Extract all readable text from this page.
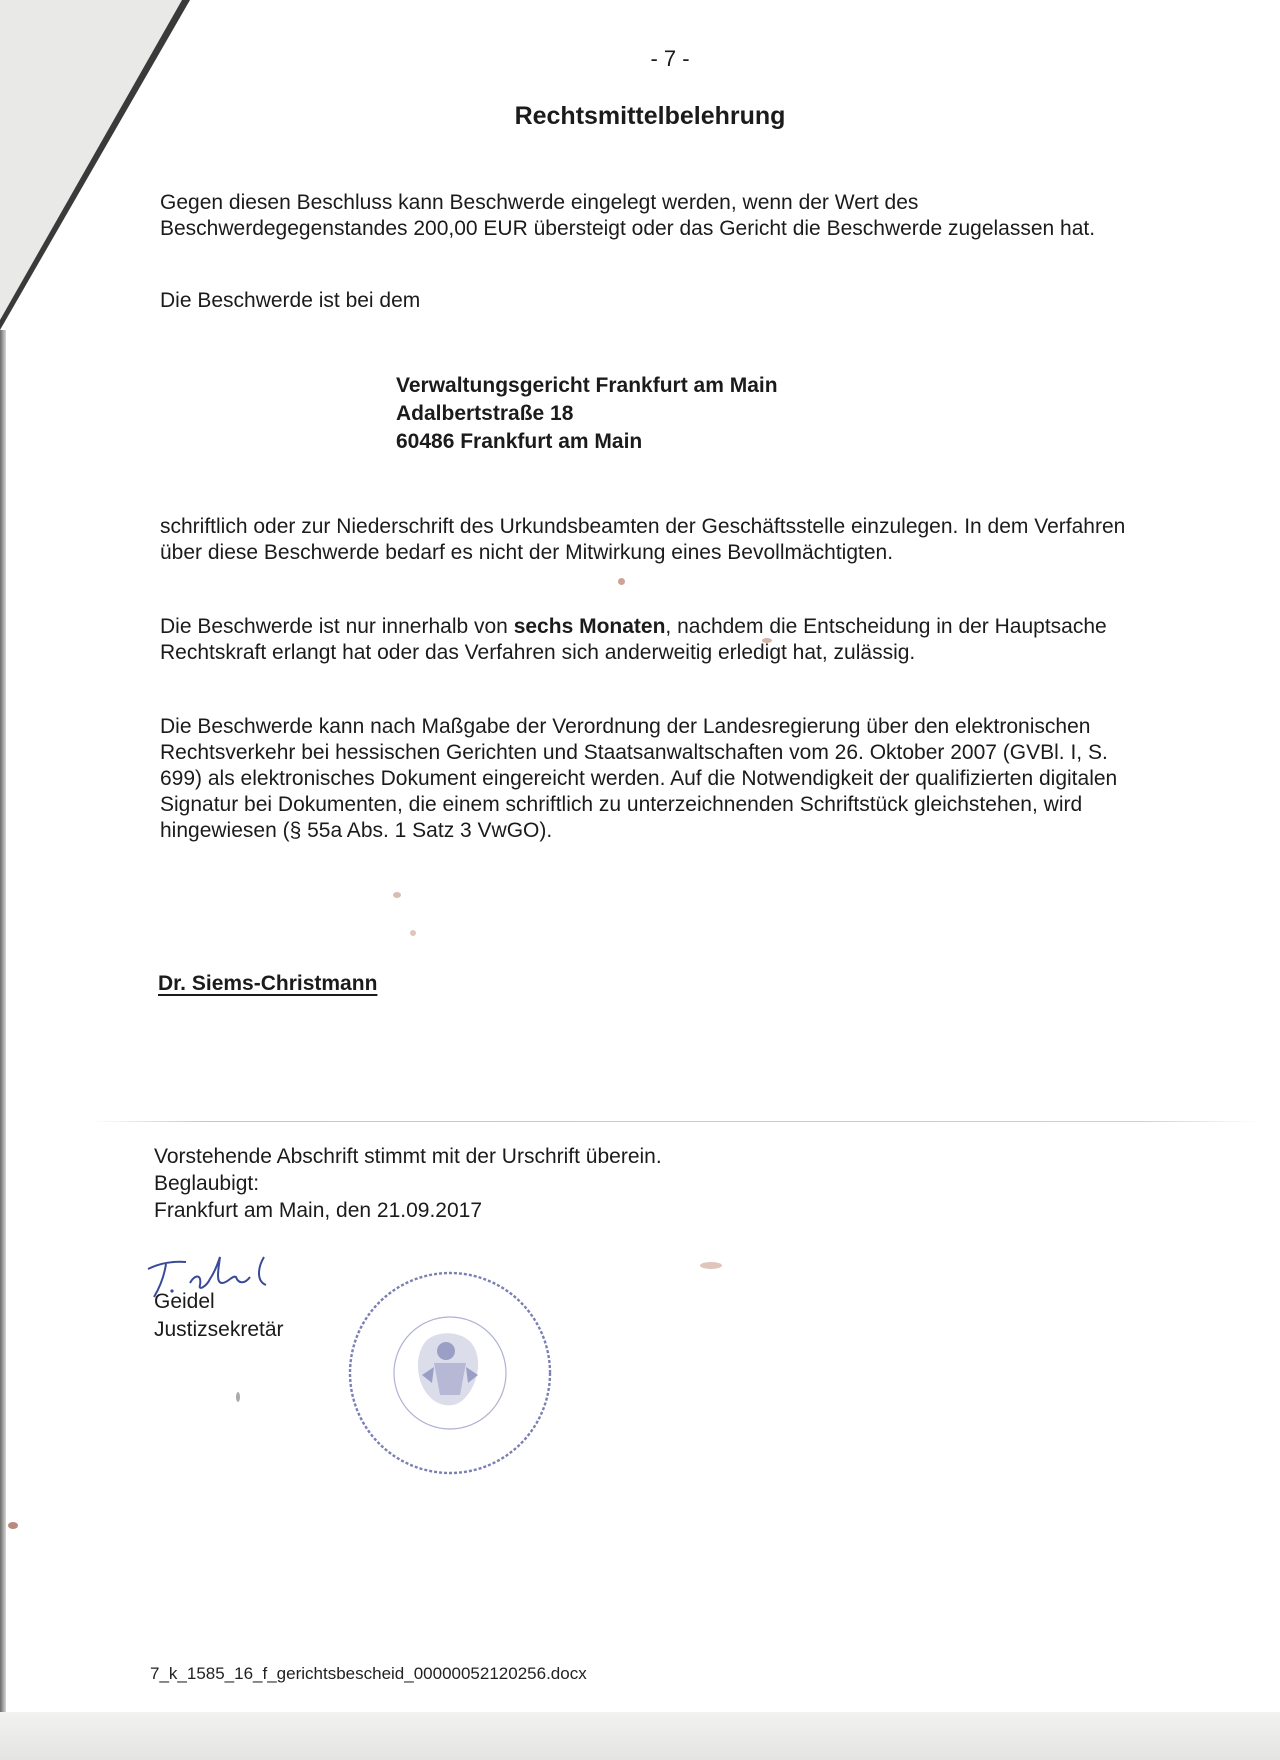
- 7 -
Rechtsmittelbelehrung
Gegen diesen Beschluss kann Beschwerde eingelegt werden, wenn der Wert des Beschwerdegegenstandes 200,00 EUR übersteigt oder das Gericht die Beschwerde zugelassen hat.
Die Beschwerde ist bei dem
Verwaltungsgericht Frankfurt am Main
Adalbertstraße 18
60486 Frankfurt am Main
schriftlich oder zur Niederschrift des Urkundsbeamten der Geschäftsstelle einzulegen. In dem Verfahren über diese Beschwerde bedarf es nicht der Mitwirkung eines Bevollmächtigten.
Die Beschwerde ist nur innerhalb von sechs Monaten, nachdem die Entscheidung in der Hauptsache Rechtskraft erlangt hat oder das Verfahren sich anderweitig erledigt hat, zulässig.
Die Beschwerde kann nach Maßgabe der Verordnung der Landesregierung über den elektronischen Rechtsverkehr bei hessischen Gerichten und Staatsanwaltschaften vom 26. Oktober 2007 (GVBl. I, S. 699) als elektronisches Dokument eingereicht werden. Auf die Notwendigkeit der qualifizierten digitalen Signatur bei Dokumenten, die einem schriftlich zu unterzeichnenden Schriftstück gleichstehen, wird hingewiesen (§ 55a Abs. 1 Satz 3 VwGO).
Dr. Siems-Christmann
Vorstehende Abschrift stimmt mit der Urschrift überein.
Beglaubigt:
Frankfurt am Main, den 21.09.2017
Geidel
Justizsekretär
7_k_1585_16_f_gerichtsbescheid_00000052120256.docx
